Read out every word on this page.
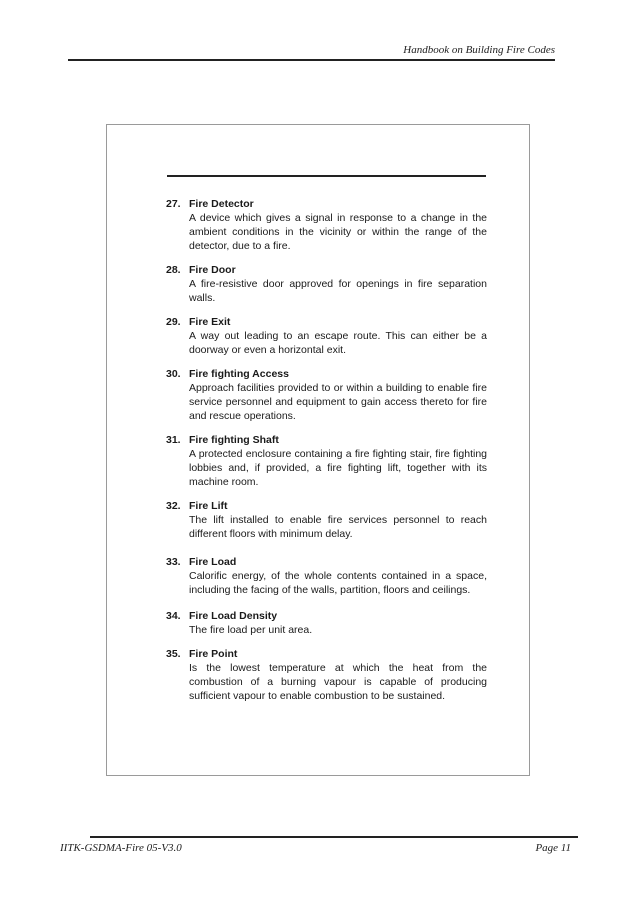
Handbook on Building Fire Codes
27. Fire Detector
A device which gives a signal in response to a change in the ambient conditions in the vicinity or within the range of the detector, due to a fire.
28. Fire Door
A fire-resistive door approved for openings in fire separation walls.
29. Fire Exit
A way out leading to an escape route. This can either be a doorway or even a horizontal exit.
30. Fire fighting Access
Approach facilities provided to or within a building to enable fire service personnel and equipment to gain access thereto for fire and rescue operations.
31. Fire fighting Shaft
A protected enclosure containing a fire fighting stair, fire fighting lobbies and, if provided, a fire fighting lift, together with its machine room.
32. Fire Lift
The lift installed to enable fire services personnel to reach different floors with minimum delay.
33. Fire Load
Calorific energy, of the whole contents contained in a space, including the facing of the walls, partition, floors and ceilings.
34. Fire Load Density
The fire load per unit area.
35. Fire Point
Is the lowest temperature at which the heat from the combustion of a burning vapour is capable of producing sufficient vapour to enable combustion to be sustained.
IITK-GSDMA-Fire 05-V3.0	Page 11
